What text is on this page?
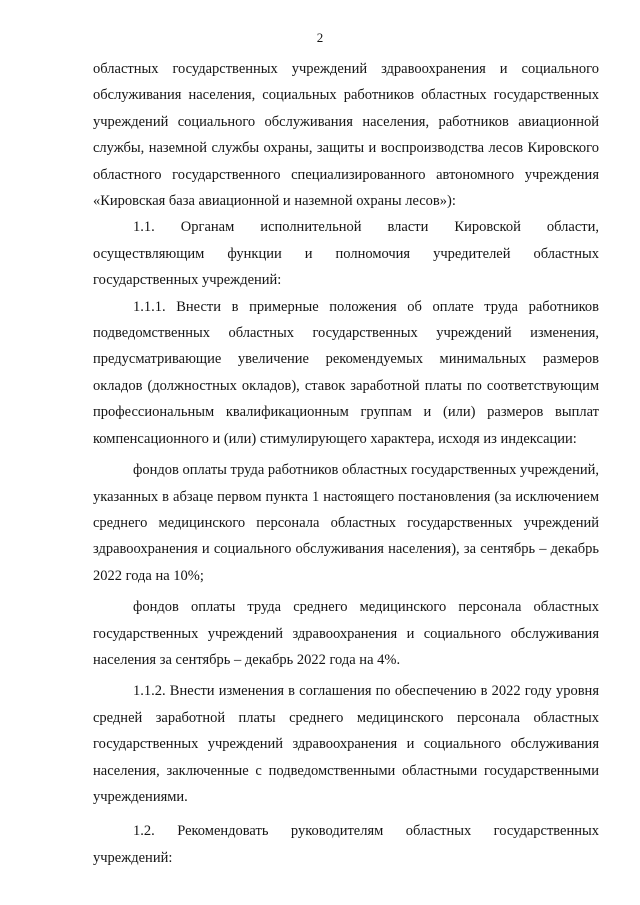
2

областных государственных учреждений здравоохранения и социального обслуживания населения, социальных работников областных государственных учреждений социального обслуживания населения, работников авиационной службы, наземной службы охраны, защиты и воспроизводства лесов Кировского областного государственного специализированного автономного учреждения «Кировская база авиационной и наземной охраны лесов»):

1.1. Органам исполнительной власти Кировской области, осуществляющим функции и полномочия учредителей областных государственных учреждений:

1.1.1. Внести в примерные положения об оплате труда работников подведомственных областных государственных учреждений изменения, предусматривающие увеличение рекомендуемых минимальных размеров окладов (должностных окладов), ставок заработной платы по соответствующим профессиональным квалификационным группам и (или) размеров выплат компенсационного и (или) стимулирующего характера, исходя из индексации:

фондов оплаты труда работников областных государственных учреждений, указанных в абзаце первом пункта 1 настоящего постановления (за исключением среднего медицинского персонала областных государственных учреждений здравоохранения и социального обслуживания населения), за сентябрь – декабрь 2022 года на 10%;

фондов оплаты труда среднего медицинского персонала областных государственных учреждений здравоохранения и социального обслуживания населения за сентябрь – декабрь 2022 года на 4%.

1.1.2. Внести изменения в соглашения по обеспечению в 2022 году уровня средней заработной платы среднего медицинского персонала областных государственных учреждений здравоохранения и социального обслуживания населения, заключенные с подведомственными областными государственными учреждениями.

1.2. Рекомендовать руководителям областных государственных учреждений:
